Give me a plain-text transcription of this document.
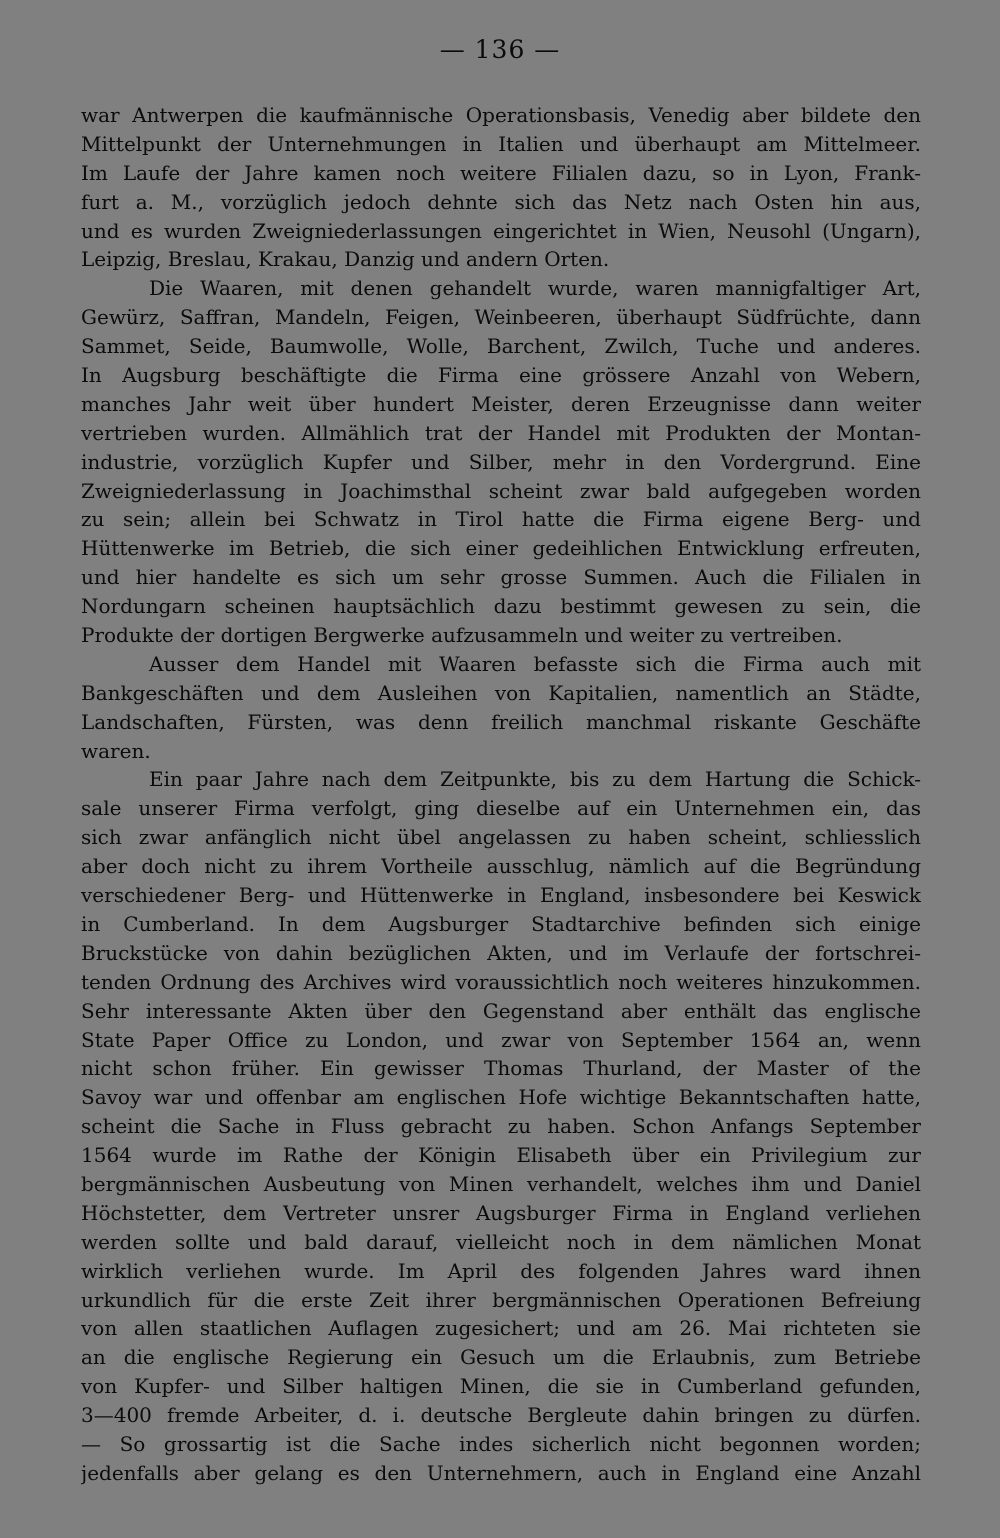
— 136 —
war Antwerpen die kaufmännische Operationsbasis, Venedig aber bildete den
Mittelpunkt der Unternehmungen in Italien und überhaupt am Mittelmeer.
Im Laufe der Jahre kamen noch weitere Filialen dazu, so in Lyon, Frank-
furt a. M., vorzüglich jedoch dehnte sich das Netz nach Osten hin aus,
und es wurden Zweigniederlassungen eingerichtet in Wien, Neusohl (Ungarn),
Leipzig, Breslau, Krakau, Danzig und andern Orten.
Die Waaren, mit denen gehandelt wurde, waren mannigfaltiger Art,
Gewürz, Saffran, Mandeln, Feigen, Weinbeeren, überhaupt Südfrüchte, dann
Sammet, Seide, Baumwolle, Wolle, Barchent, Zwilch, Tuche und anderes.
In Augsburg beschäftigte die Firma eine grössere Anzahl von Webern,
manches Jahr weit über hundert Meister, deren Erzeugnisse dann weiter
vertrieben wurden. Allmählich trat der Handel mit Produkten der Montan-
industrie, vorzüglich Kupfer und Silber, mehr in den Vordergrund. Eine
Zweigniederlassung in Joachimsthal scheint zwar bald aufgegeben worden
zu sein; allein bei Schwatz in Tirol hatte die Firma eigene Berg- und
Hüttenwerke im Betrieb, die sich einer gedeihlichen Entwicklung erfreuten,
und hier handelte es sich um sehr grosse Summen. Auch die Filialen in
Nordungarn scheinen hauptsächlich dazu bestimmt gewesen zu sein, die
Produkte der dortigen Bergwerke aufzusammeln und weiter zu vertreiben.
Ausser dem Handel mit Waaren befasste sich die Firma auch mit
Bankgeschäften und dem Ausleihen von Kapitalien, namentlich an Städte,
Landschaften, Fürsten, was denn freilich manchmal riskante Geschäfte
waren.
Ein paar Jahre nach dem Zeitpunkte, bis zu dem Hartung die Schick-
sale unserer Firma verfolgt, ging dieselbe auf ein Unternehmen ein, das
sich zwar anfänglich nicht übel angelassen zu haben scheint, schliesslich
aber doch nicht zu ihrem Vortheile ausschlug, nämlich auf die Begründung
verschiedener Berg- und Hüttenwerke in England, insbesondere bei Keswick
in Cumberland. In dem Augsburger Stadtarchive befinden sich einige
Bruckstücke von dahin bezüglichen Akten, und im Verlaufe der fortschrei-
tenden Ordnung des Archives wird voraussichtlich noch weiteres hinzukommen.
Sehr interessante Akten über den Gegenstand aber enthält das englische
State Paper Office zu London, und zwar von September 1564 an, wenn
nicht schon früher. Ein gewisser Thomas Thurland, der Master of the
Savoy war und offenbar am englischen Hofe wichtige Bekanntschaften hatte,
scheint die Sache in Fluss gebracht zu haben. Schon Anfangs September
1564 wurde im Rathe der Königin Elisabeth über ein Privilegium zur
bergmännischen Ausbeutung von Minen verhandelt, welches ihm und Daniel
Höchstetter, dem Vertreter unsrer Augsburger Firma in England verliehen
werden sollte und bald darauf, vielleicht noch in dem nämlichen Monat
wirklich verliehen wurde. Im April des folgenden Jahres ward ihnen
urkundlich für die erste Zeit ihrer bergmännischen Operationen Befreiung
von allen staatlichen Auflagen zugesichert; und am 26. Mai richteten sie
an die englische Regierung ein Gesuch um die Erlaubnis, zum Betriebe
von Kupfer- und Silber haltigen Minen, die sie in Cumberland gefunden,
3—400 fremde Arbeiter, d. i. deutsche Bergleute dahin bringen zu dürfen.
— So grossartig ist die Sache indes sicherlich nicht begonnen worden;
jedenfalls aber gelang es den Unternehmern, auch in England eine Anzahl
